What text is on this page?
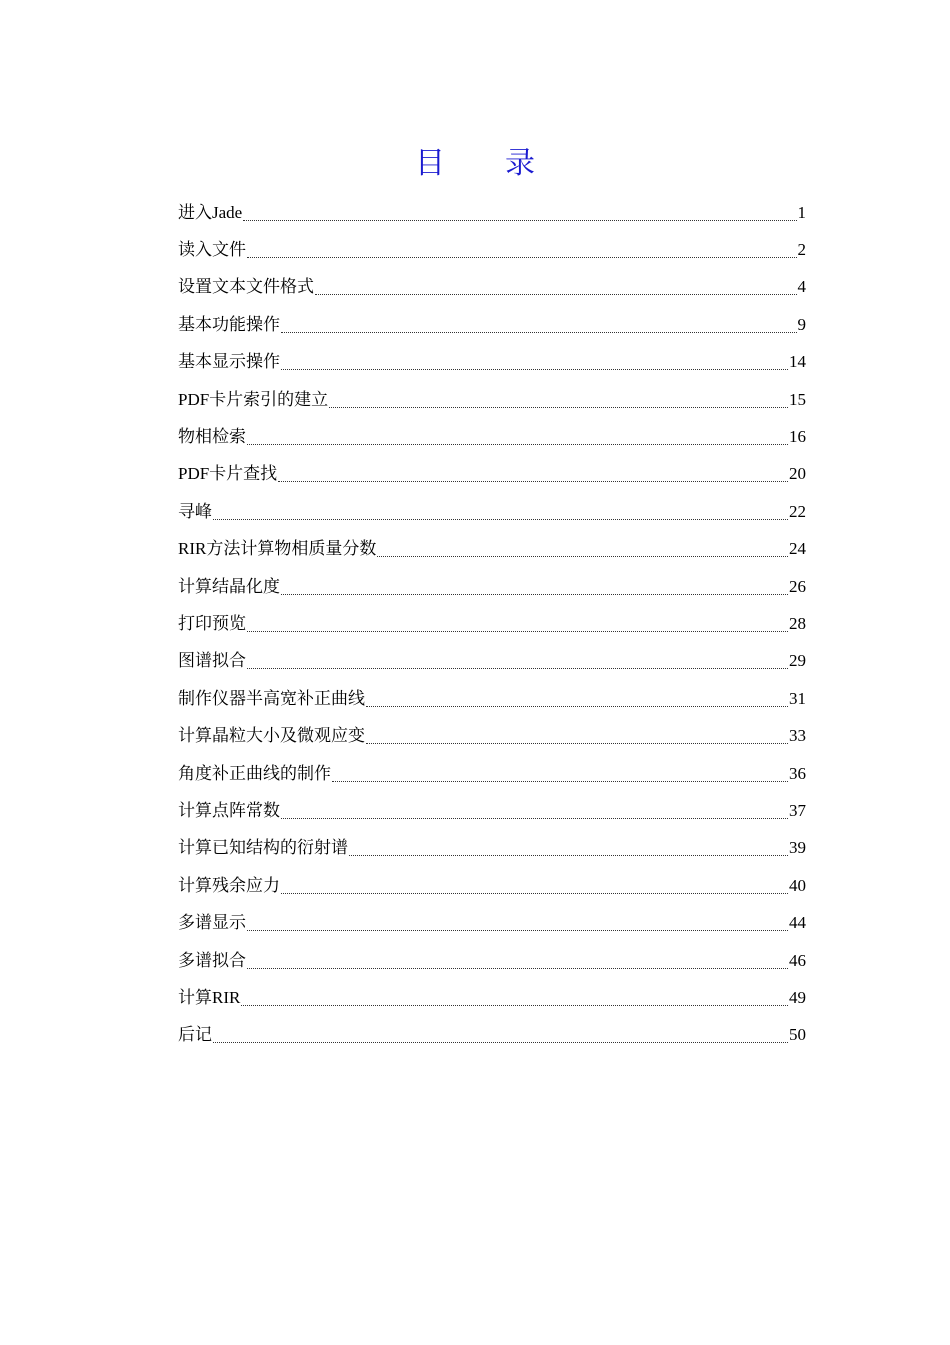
目　　录
进入Jade	1
读入文件	2
设置文本文件格式	4
基本功能操作	9
基本显示操作	14
PDF卡片索引的建立	15
物相检索	16
PDF卡片查找	20
寻峰	22
RIR方法计算物相质量分数	24
计算结晶化度	26
打印预览	28
图谱拟合	29
制作仪器半高宽补正曲线	31
计算晶粒大小及微观应变	33
角度补正曲线的制作	36
计算点阵常数	37
计算已知结构的衍射谱	39
计算残余应力	40
多谱显示	44
多谱拟合	46
计算RIR	49
后记	50
